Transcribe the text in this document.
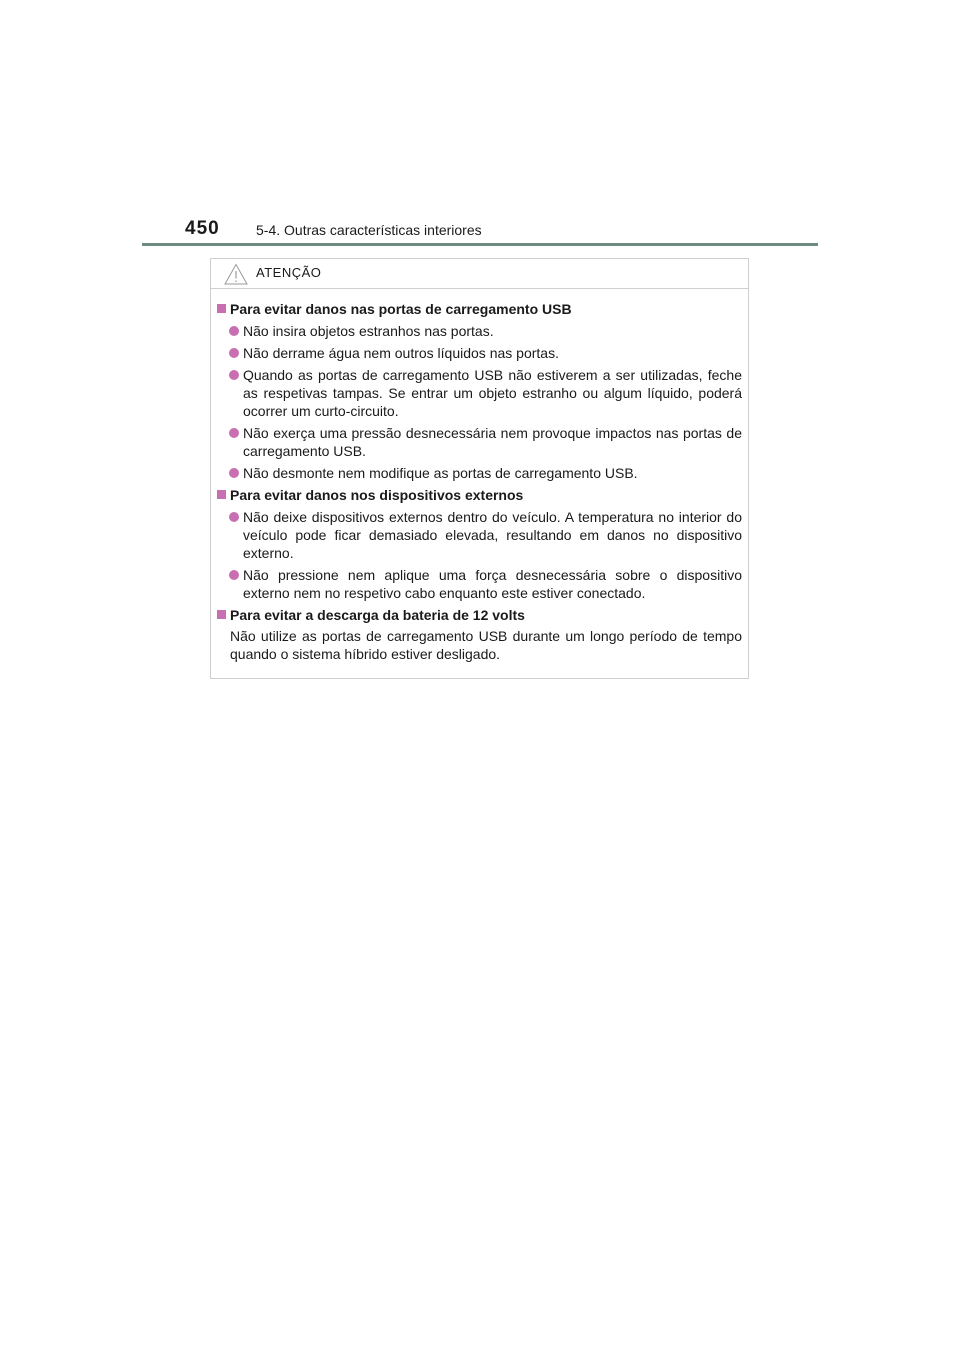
450	5-4. Outras características interiores
ATENÇÃO
Para evitar danos nas portas de carregamento USB
Não insira objetos estranhos nas portas.
Não derrame água nem outros líquidos nas portas.
Quando as portas de carregamento USB não estiverem a ser utilizadas, feche as respetivas tampas. Se entrar um objeto estranho ou algum líquido, poderá ocorrer um curto-circuito.
Não exerça uma pressão desnecessária nem provoque impactos nas portas de carregamento USB.
Não desmonte nem modifique as portas de carregamento USB.
Para evitar danos nos dispositivos externos
Não deixe dispositivos externos dentro do veículo. A temperatura no interior do veículo pode ficar demasiado elevada, resultando em danos no dispositivo externo.
Não pressione nem aplique uma força desnecessária sobre o dispositivo externo nem no respetivo cabo enquanto este estiver conectado.
Para evitar a descarga da bateria de 12 volts
Não utilize as portas de carregamento USB durante um longo período de tempo quando o sistema híbrido estiver desligado.
